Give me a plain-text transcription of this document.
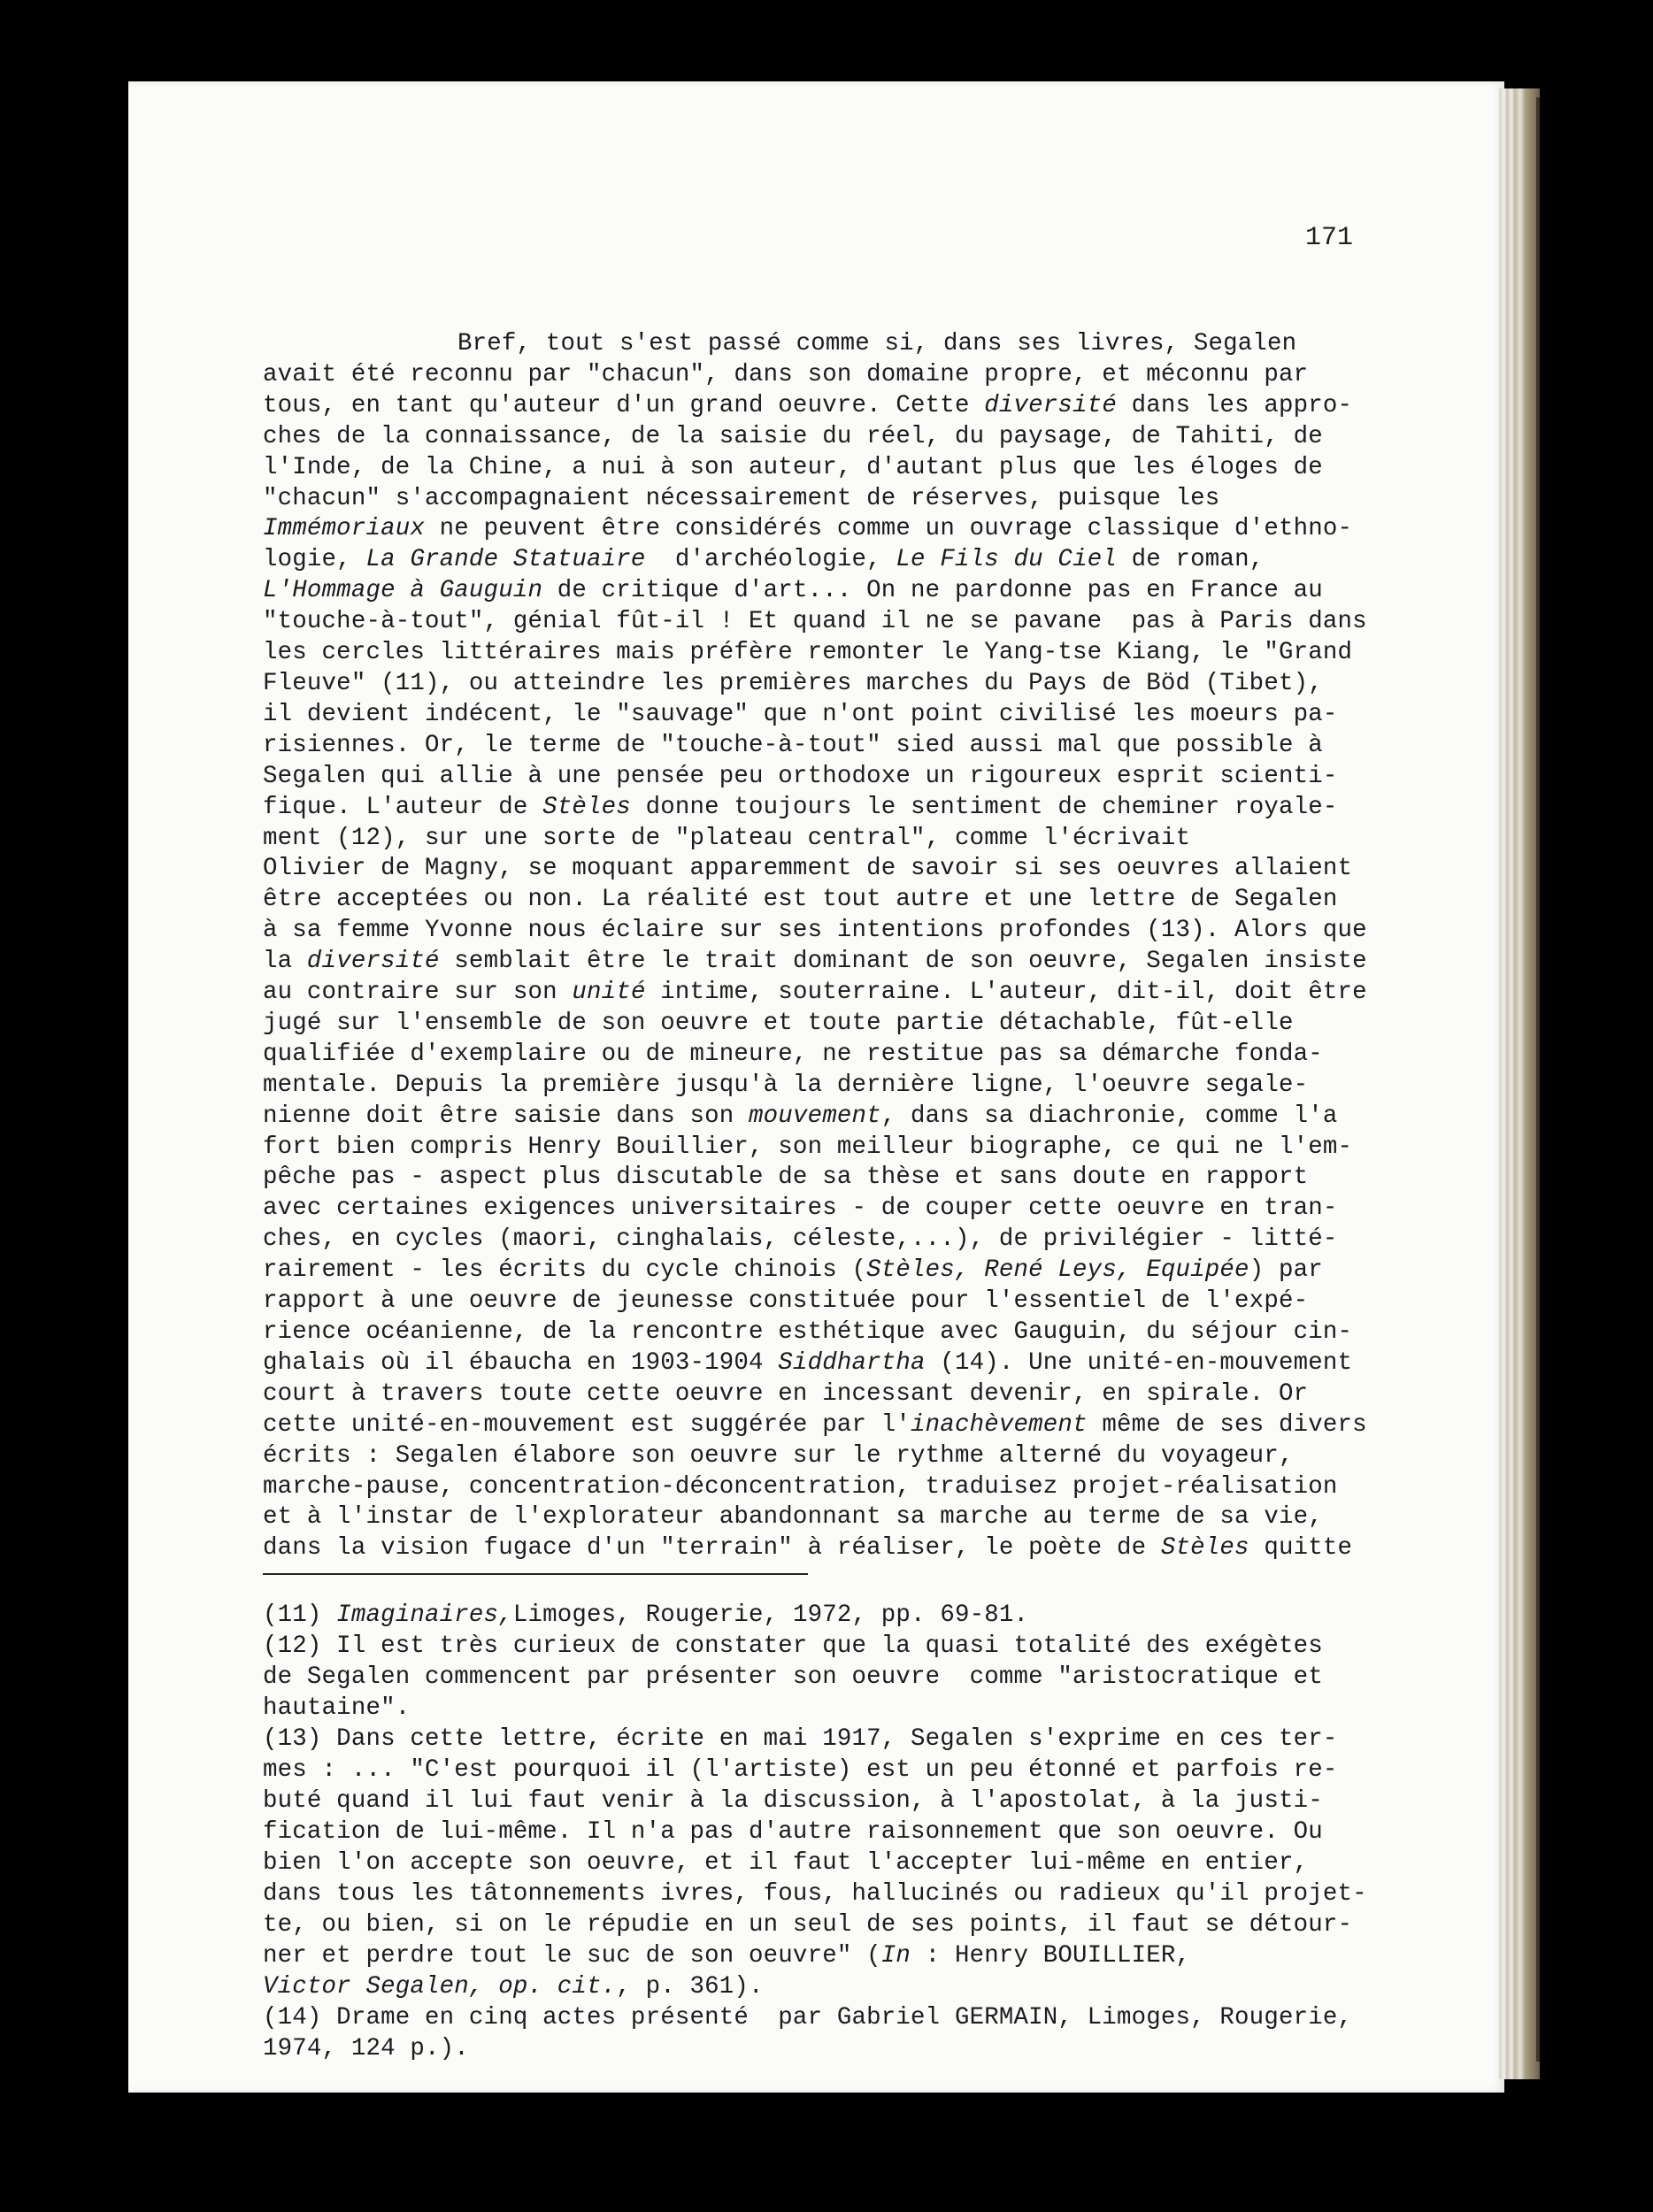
171
Bref, tout s'est passé comme si, dans ses livres, Segalen
avait été reconnu par "chacun", dans son domaine propre, et méconnu par
tous, en tant qu'auteur d'un grand oeuvre. Cette diversité dans les appro-
ches de la connaissance, de la saisie du réel, du paysage, de Tahiti, de
l'Inde, de la Chine, a nui à son auteur, d'autant plus que les éloges de
"chacun" s'accompagnaient nécessairement de réserves, puisque les
Immémoriaux ne peuvent être considérés comme un ouvrage classique d'ethno-
logie, La Grande Statuaire  d'archéologie, Le Fils du Ciel de roman,
L'Hommage à Gauguin de critique d'art... On ne pardonne pas en France au
"touche-à-tout", génial fût-il ! Et quand il ne se pavane  pas à Paris dans
les cercles littéraires mais préfère remonter le Yang-tse Kiang, le "Grand
Fleuve" (11), ou atteindre les premières marches du Pays de Böd (Tibet),
il devient indécent, le "sauvage" que n'ont point civilisé les moeurs pa-
risiennes. Or, le terme de "touche-à-tout" sied aussi mal que possible à
Segalen qui allie à une pensée peu orthodoxe un rigoureux esprit scienti-
fique. L'auteur de Stèles donne toujours le sentiment de cheminer royale-
ment (12), sur une sorte de "plateau central", comme l'écrivait
Olivier de Magny, se moquant apparemment de savoir si ses oeuvres allaient
être acceptées ou non. La réalité est tout autre et une lettre de Segalen
à sa femme Yvonne nous éclaire sur ses intentions profondes (13). Alors que
la diversité semblait être le trait dominant de son oeuvre, Segalen insiste
au contraire sur son unité intime, souterraine. L'auteur, dit-il, doit être
jugé sur l'ensemble de son oeuvre et toute partie détachable, fût-elle
qualifiée d'exemplaire ou de mineure, ne restitue pas sa démarche fonda-
mentale. Depuis la première jusqu'à la dernière ligne, l'oeuvre segale-
nienne doit être saisie dans son mouvement, dans sa diachronie, comme l'a
fort bien compris Henry Bouillier, son meilleur biographe, ce qui ne l'em-
pêche pas - aspect plus discutable de sa thèse et sans doute en rapport
avec certaines exigences universitaires - de couper cette oeuvre en tran-
ches, en cycles (maori, cinghalais, céleste,...), de privilégier - litté-
rairement - les écrits du cycle chinois (Stèles, René Leys, Equipée) par
rapport à une oeuvre de jeunesse constituée pour l'essentiel de l'expé-
rience océanienne, de la rencontre esthétique avec Gauguin, du séjour cin-
ghalais où il ébaucha en 1903-1904 Siddhartha (14). Une unité-en-mouvement
court à travers toute cette oeuvre en incessant devenir, en spirale. Or
cette unité-en-mouvement est suggérée par l'inachèvement même de ses divers
écrits : Segalen élabore son oeuvre sur le rythme alterné du voyageur,
marche-pause, concentration-déconcentration, traduisez projet-réalisation
et à l'instar de l'explorateur abandonnant sa marche au terme de sa vie,
dans la vision fugace d'un "terrain" à réaliser, le poète de Stèles quitte
(11) Imaginaires,Limoges, Rougerie, 1972, pp. 69-81.
(12) Il est très curieux de constater que la quasi totalité des exégètes
de Segalen commencent par présenter son oeuvre  comme "aristocratique et
hautaine".
(13) Dans cette lettre, écrite en mai 1917, Segalen s'exprime en ces ter-
mes : ... "C'est pourquoi il (l'artiste) est un peu étonné et parfois re-
buté quand il lui faut venir à la discussion, à l'apostolat, à la justi-
fication de lui-même. Il n'a pas d'autre raisonnement que son oeuvre. Ou
bien l'on accepte son oeuvre, et il faut l'accepter lui-même en entier,
dans tous les tâtonnements ivres, fous, hallucinés ou radieux qu'il projet-
te, ou bien, si on le répudie en un seul de ses points, il faut se détour-
ner et perdre tout le suc de son oeuvre" (In : Henry BOUILLIER,
Victor Segalen, op. cit., p. 361).
(14) Drame en cinq actes présenté  par Gabriel GERMAIN, Limoges, Rougerie,
1974, 124 p.).
